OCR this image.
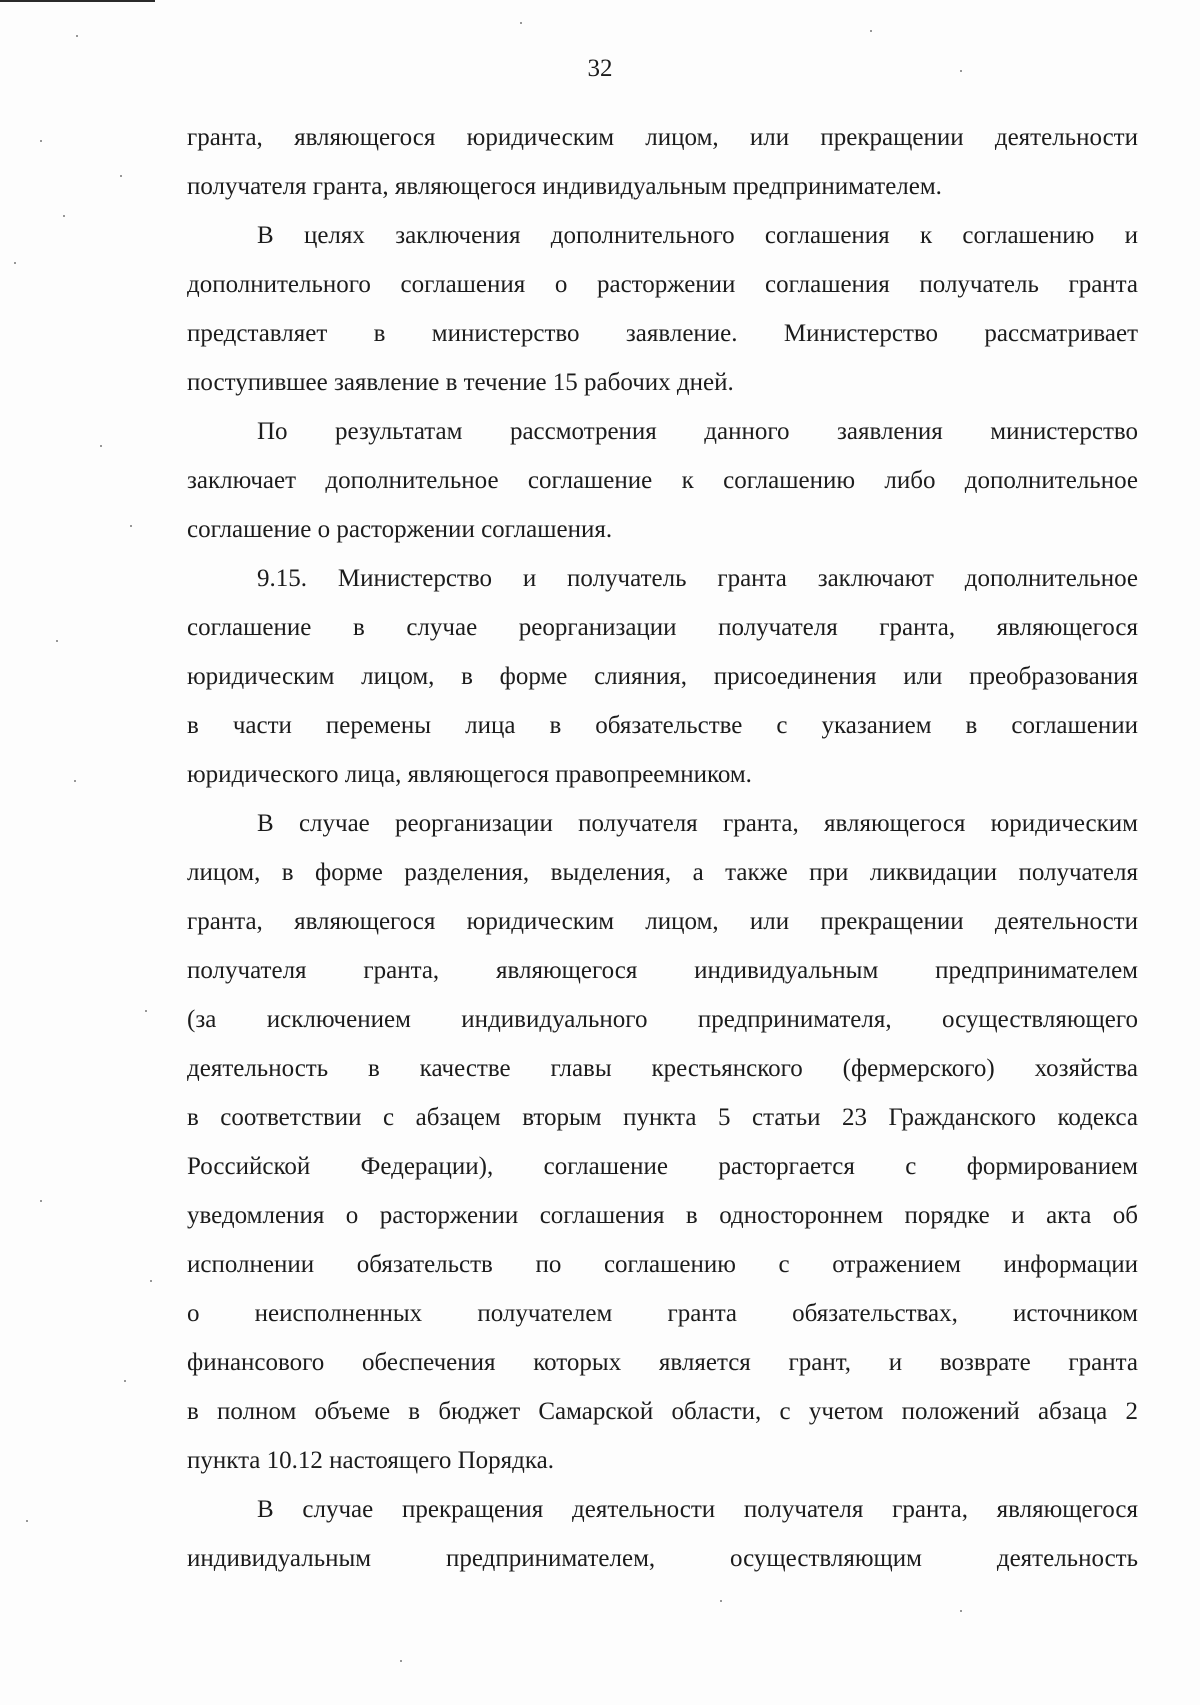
32
гранта, являющегося юридическим лицом, или прекращении деятельности
получателя гранта, являющегося индивидуальным предпринимателем.
В целях заключения дополнительного соглашения к соглашению и
дополнительного соглашения о расторжении соглашения получатель гранта
представляет в министерство заявление. Министерство рассматривает
поступившее заявление в течение 15 рабочих дней.
По результатам рассмотрения данного заявления министерство
заключает дополнительное соглашение к соглашению либо дополнительное
соглашение о расторжении соглашения.
9.15. Министерство и получатель гранта заключают дополнительное
соглашение в случае реорганизации получателя гранта, являющегося
юридическим лицом, в форме слияния, присоединения или преобразования
в части перемены лица в обязательстве с указанием в соглашении
юридического лица, являющегося правопреемником.
В случае реорганизации получателя гранта, являющегося юридическим
лицом, в форме разделения, выделения, а также при ликвидации получателя
гранта, являющегося юридическим лицом, или прекращении деятельности
получателя гранта, являющегося индивидуальным предпринимателем
(за исключением индивидуального предпринимателя, осуществляющего
деятельность в качестве главы крестьянского (фермерского) хозяйства
в соответствии с абзацем вторым пункта 5 статьи 23 Гражданского кодекса
Российской Федерации), соглашение расторгается с формированием
уведомления о расторжении соглашения в одностороннем порядке и акта об
исполнении обязательств по соглашению с отражением информации
о неисполненных получателем гранта обязательствах, источником
финансового обеспечения которых является грант, и возврате гранта
в полном объеме в бюджет Самарской области, с учетом положений абзаца 2
пункта 10.12 настоящего Порядка.
В случае прекращения деятельности получателя гранта, являющегося
индивидуальным предпринимателем, осуществляющим деятельность
